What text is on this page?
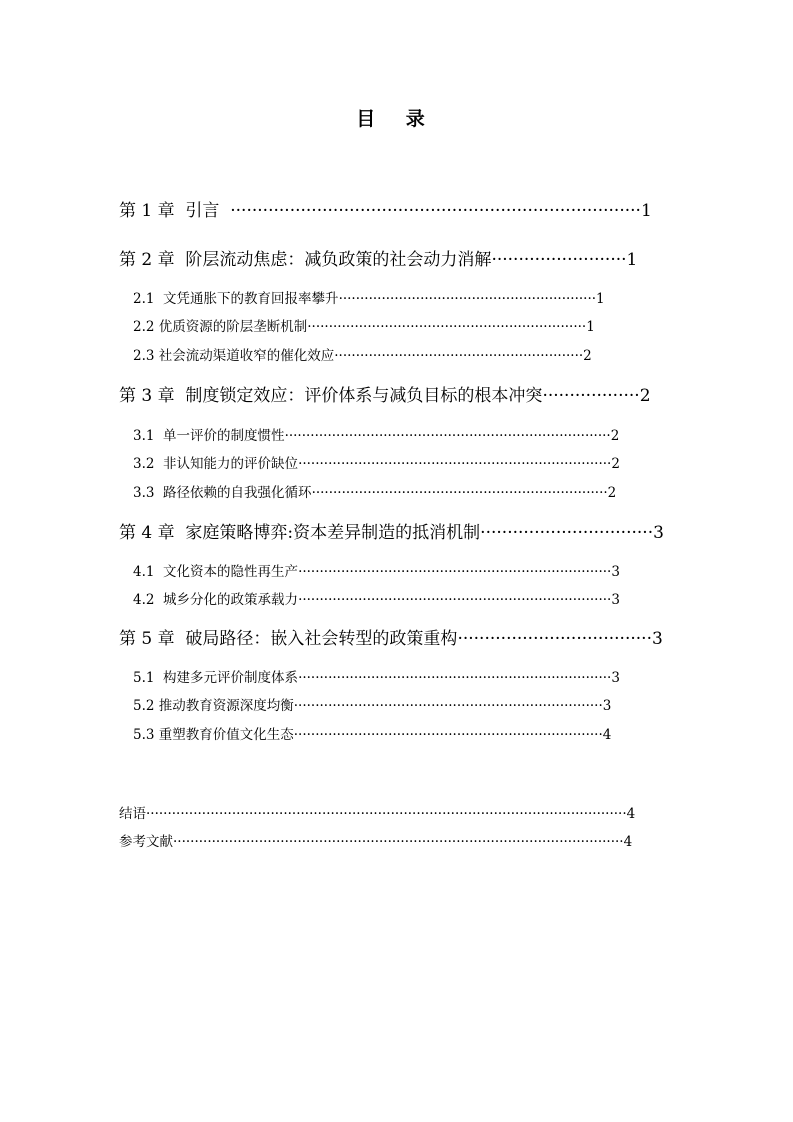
目 录
第 1 章  引言  ············································································1
第 2 章  阶层流动焦虑：减负政策的社会动力消解·························1
2.1  文凭通胀下的教育回报率攀升····························································1
2.2 优质资源的阶层垄断机制·································································1
2.3 社会流动渠道收窄的催化效应··························································2
第 3 章  制度锁定效应：评价体系与减负目标的根本冲突··················2
3.1  单一评价的制度惯性············································································2
3.2  非认知能力的评价缺位·········································································2
3.3  路径依赖的自我强化循环·····································································2
第 4 章  家庭策略博弈:资本差异制造的抵消机制································3
4.1  文化资本的隐性再生产·········································································3
4.2  城乡分化的政策承载力·········································································3
第 5 章  破局路径：嵌入社会转型的政策重构····································3
5.1  构建多元评价制度体系·········································································3
5.2 推动教育资源深度均衡········································································3
5.3 重塑教育价值文化生态········································································4
结语················································································································4
参考文献·········································································································4
